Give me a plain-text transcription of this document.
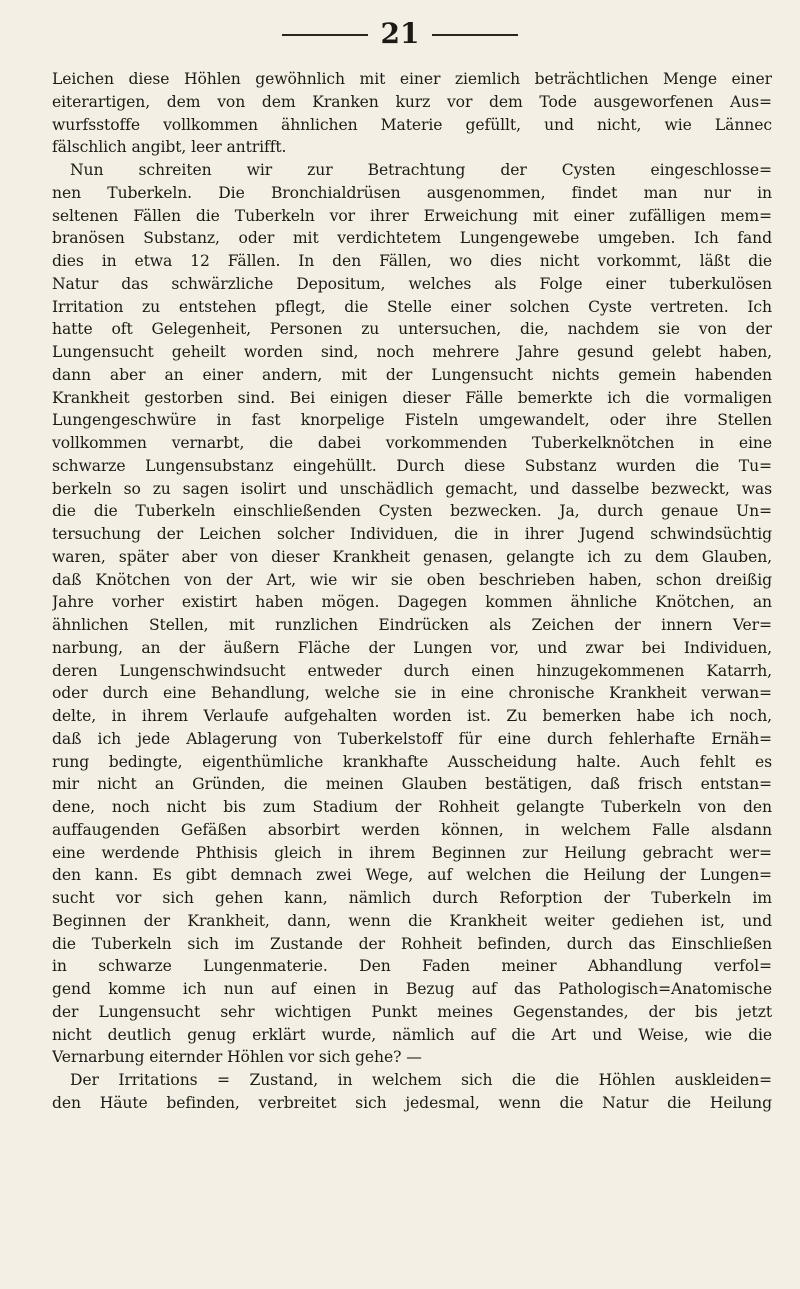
21
Leichen diese Höhlen gewöhnlich mit einer ziemlich beträchtlichen Menge einer
eiterartigen, dem von dem Kranken kurz vor dem Tode ausgeworfenen Aus=
wurfsstoffe vollkommen ähnlichen Materie gefüllt, und nicht, wie Lännec
fälschlich angibt, leer antrifft.
Nun schreiten wir zur Betrachtung der Cysten eingeschlosse=
nen Tuberkeln. Die Bronchialdrüsen ausgenommen, findet man nur in
seltenen Fällen die Tuberkeln vor ihrer Erweichung mit einer zufälligen mem=
branösen Substanz, oder mit verdichtetem Lungengewebe umgeben. Ich fand
dies in etwa 12 Fällen. In den Fällen, wo dies nicht vorkommt, läßt die
Natur das schwärzliche Depositum, welches als Folge einer tuberkulösen
Irritation zu entstehen pflegt, die Stelle einer solchen Cyste vertreten. Ich
hatte oft Gelegenheit, Personen zu untersuchen, die, nachdem sie von der
Lungensucht geheilt worden sind, noch mehrere Jahre gesund gelebt haben,
dann aber an einer andern, mit der Lungensucht nichts gemein habenden
Krankheit gestorben sind. Bei einigen dieser Fälle bemerkte ich die vormaligen
Lungengeschwüre in fast knorpelige Fisteln umgewandelt, oder ihre Stellen
vollkommen vernarbt, die dabei vorkommenden Tuberkelknötchen in eine
schwarze Lungensubstanz eingehüllt. Durch diese Substanz wurden die Tu=
berkeln so zu sagen isolirt und unschädlich gemacht, und dasselbe bezweckt, was
die die Tuberkeln einschließenden Cysten bezwecken. Ja, durch genaue Un=
tersuchung der Leichen solcher Individuen, die in ihrer Jugend schwindsüchtig
waren, später aber von dieser Krankheit genasen, gelangte ich zu dem Glauben,
daß Knötchen von der Art, wie wir sie oben beschrieben haben, schon dreißig
Jahre vorher existirt haben mögen. Dagegen kommen ähnliche Knötchen, an
ähnlichen Stellen, mit runzlichen Eindrücken als Zeichen der innern Ver=
narbung, an der äußern Fläche der Lungen vor, und zwar bei Individuen,
deren Lungenschwindsucht entweder durch einen hinzugekommenen Katarrh,
oder durch eine Behandlung, welche sie in eine chronische Krankheit verwan=
delte, in ihrem Verlaufe aufgehalten worden ist. Zu bemerken habe ich noch,
daß ich jede Ablagerung von Tuberkelstoff für eine durch fehlerhafte Ernäh=
rung bedingte, eigenthümliche krankhafte Ausscheidung halte. Auch fehlt es
mir nicht an Gründen, die meinen Glauben bestätigen, daß frisch entstan=
dene, noch nicht bis zum Stadium der Rohheit gelangte Tuberkeln von den
auffaugenden Gefäßen absorbirt werden können, in welchem Falle alsdann
eine werdende Phthisis gleich in ihrem Beginnen zur Heilung gebracht wer=
den kann. Es gibt demnach zwei Wege, auf welchen die Heilung der Lungen=
sucht vor sich gehen kann, nämlich durch Reforption der Tuberkeln im
Beginnen der Krankheit, dann, wenn die Krankheit weiter gediehen ist, und
die Tuberkeln sich im Zustande der Rohheit befinden, durch das Einschließen
in schwarze Lungenmaterie. Den Faden meiner Abhandlung verfol=
gend komme ich nun auf einen in Bezug auf das Pathologisch=Anatomische
der Lungensucht sehr wichtigen Punkt meines Gegenstandes, der bis jetzt
nicht deutlich genug erklärt wurde, nämlich auf die Art und Weise, wie die
Vernarbung eiternder Höhlen vor sich gehe? —
Der Irritations = Zustand, in welchem sich die die Höhlen auskleiden=
den Häute befinden, verbreitet sich jedesmal, wenn die Natur die Heilung
